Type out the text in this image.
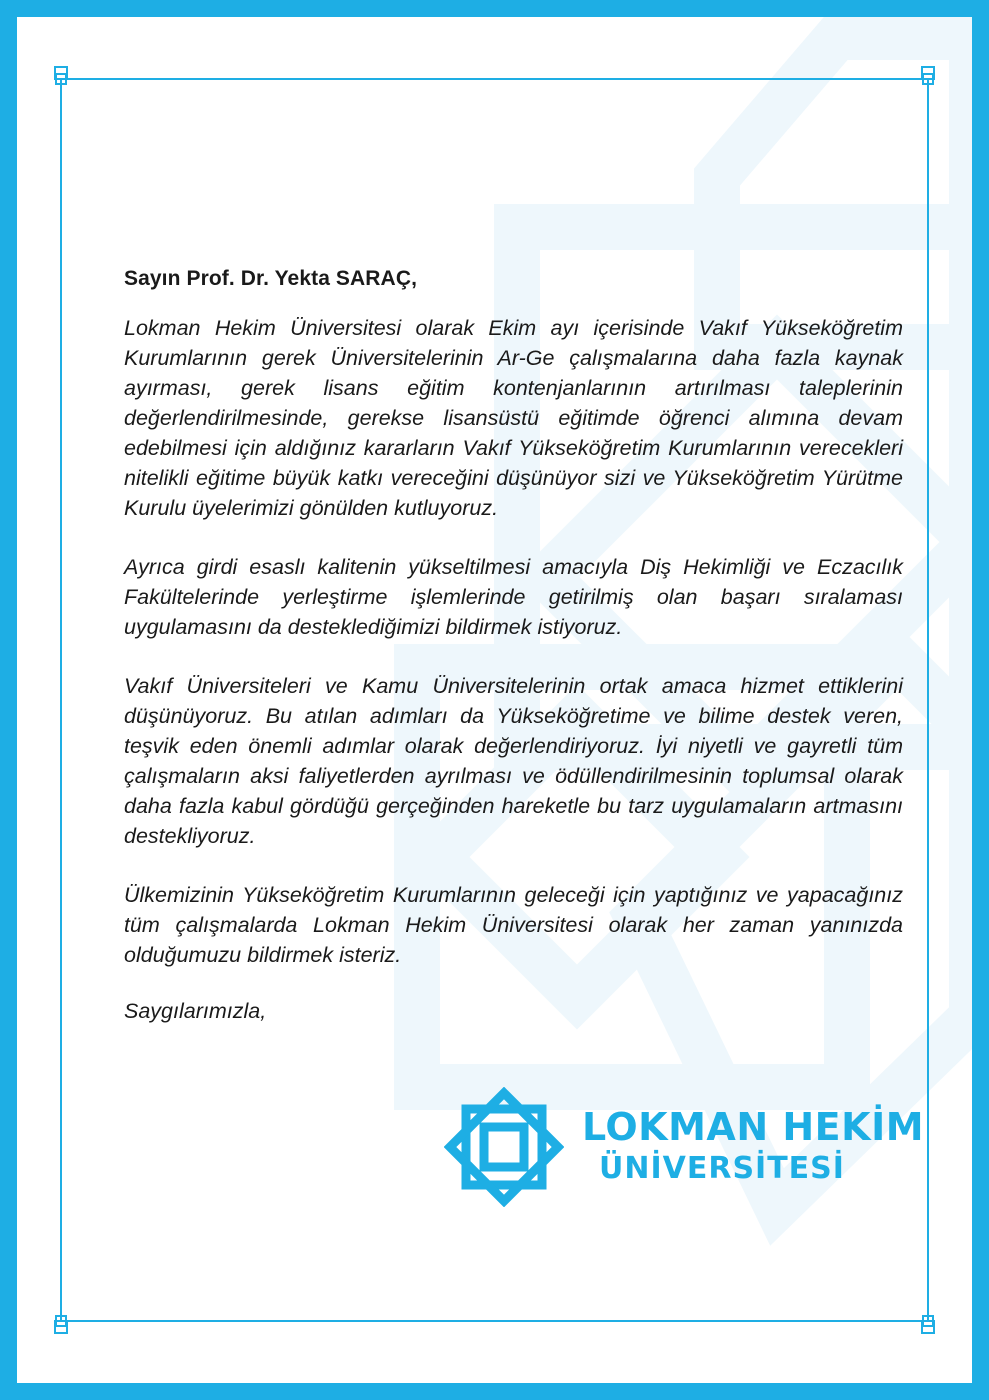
Sayın Prof. Dr. Yekta SARAÇ,

Lokman Hekim Üniversitesi olarak Ekim ayı içerisinde Vakıf Yükseköğretim Kurumlarının gerek Üniversitelerinin Ar-Ge çalışmalarına daha fazla kaynak ayırması, gerek lisans eğitim kontenjanlarının artırılması taleplerinin değerlendirilmesinde, gerekse lisansüstü eğitimde öğrenci alımına devam edebilmesi için aldığınız kararların Vakıf Yükseköğretim Kurumlarının verecekleri nitelikli eğitime büyük katkı vereceğini düşünüyor sizi ve Yükseköğretim Yürütme Kurulu üyelerimizi gönülden kutluyoruz.

Ayrıca girdi esaslı kalitenin yükseltilmesi amacıyla Diş Hekimliği ve Eczacılık Fakültelerinde yerleştirme işlemlerinde getirilmiş olan başarı sıralaması uygulamasını da desteklediğimizi bildirmek istiyoruz.

Vakıf Üniversiteleri ve Kamu Üniversitelerinin ortak amaca hizmet ettiklerini düşünüyoruz. Bu atılan adımları da Yükseköğretime ve bilime destek veren, teşvik eden önemli adımlar olarak değerlendiriyoruz. İyi niyetli ve gayretli tüm çalışmaların aksi faliyetlerden ayrılması ve ödüllendirilmesinin toplumsal olarak daha fazla kabul gördüğü gerçeğinden hareketle bu tarz uygulamaların artmasını destekliyoruz.

Ülkemizinin Yükseköğretim Kurumlarının geleceği için yaptığınız ve yapacağınız tüm çalışmalarda Lokman Hekim Üniversitesi olarak her zaman yanınızda olduğumuzu bildirmek isteriz.

Saygılarımızla,

LOKMAN HEKİM
ÜNİVERSİTESİ
